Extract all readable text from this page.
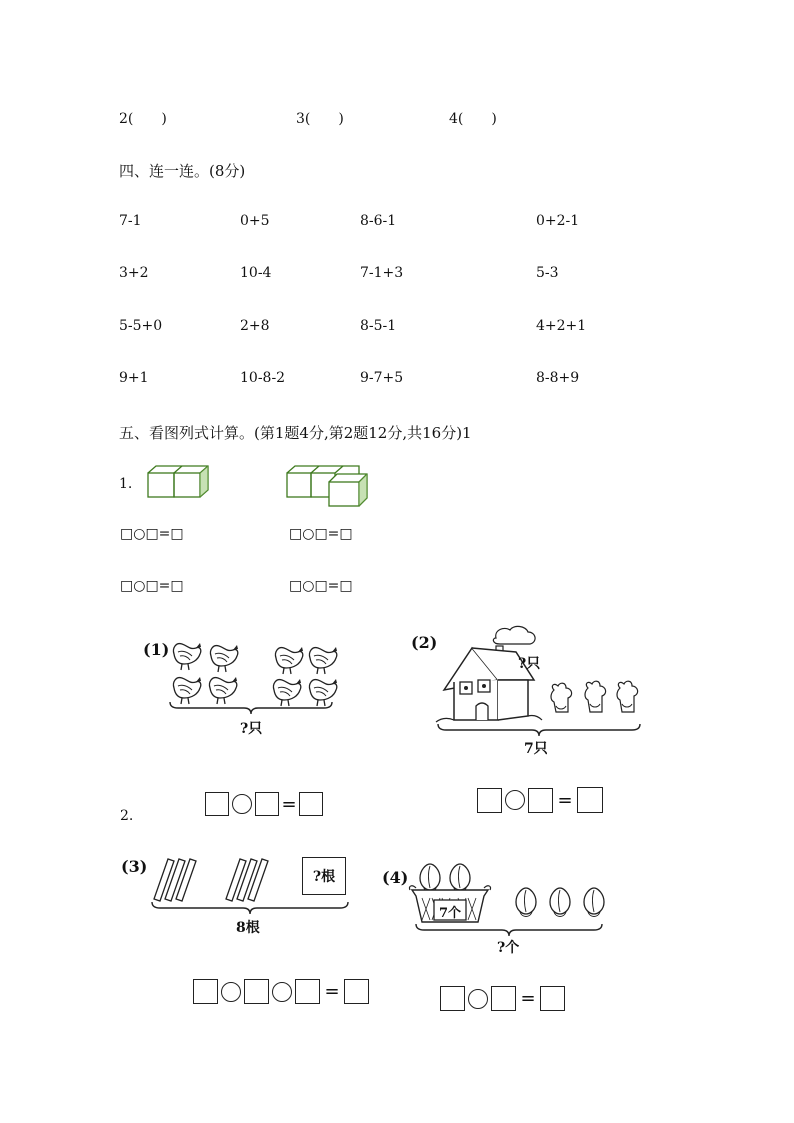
2(　　)	3(　　)	4(　　)
四、连一连。(8分)
7-1	0+5	8-6-1	0+2-1
3+2	10-4	7-1+3	5-3
5-5+0	2+8	8-5-1	4+2+1
9+1	10-8-2	9-7+5	8-8+9
五、看图列式计算。(第1题4分,第2题12分,共16分)1
1.
□○□=□	□○□=□
□○□=□	□○□=□
(1)
?只
(2)
?只
7只
2.
=	=
(3)
?根
8根
(4)
7个
?个
=	=
